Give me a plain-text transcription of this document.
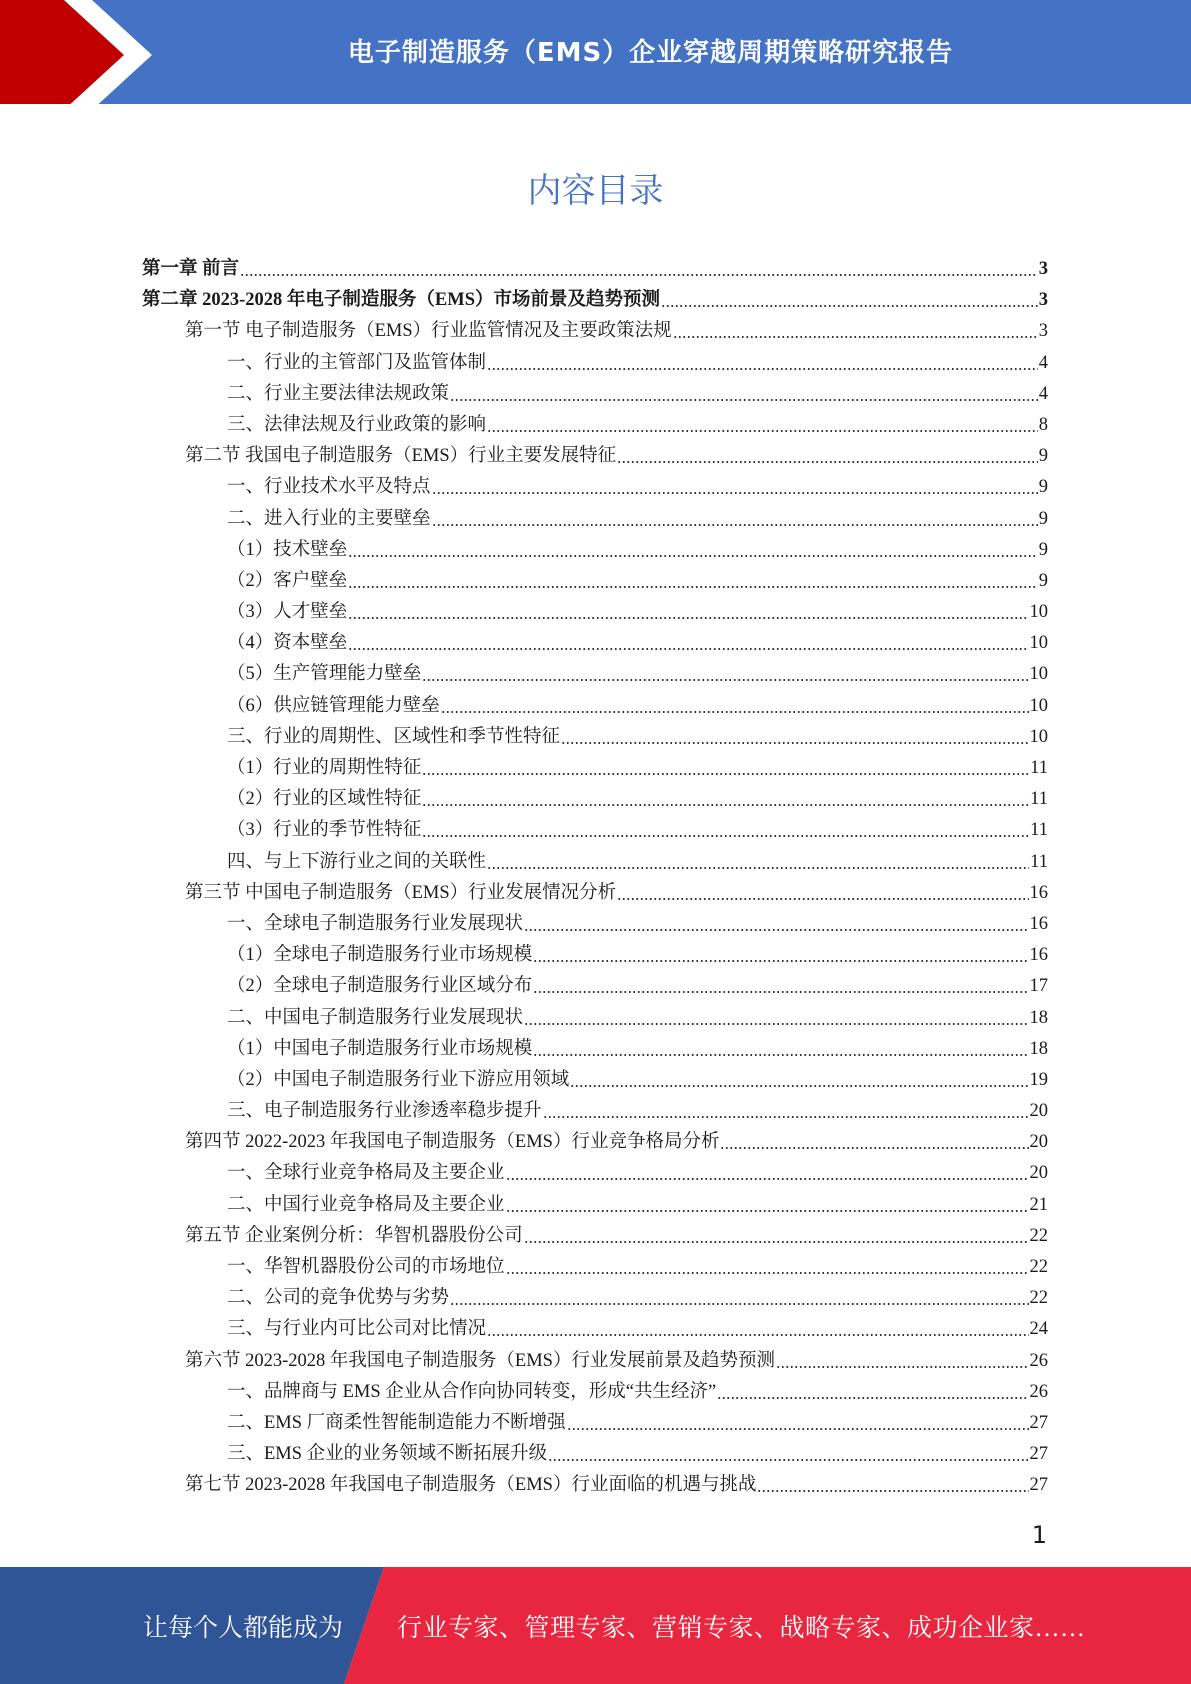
电子制造服务（EMS）企业穿越周期策略研究报告
内容目录
第一章 前言	3
第二章 2023-2028 年电子制造服务（EMS）市场前景及趋势预测	3
第一节 电子制造服务（EMS）行业监管情况及主要政策法规	3
一、行业的主管部门及监管体制	4
二、行业主要法律法规政策	4
三、法律法规及行业政策的影响	8
第二节 我国电子制造服务（EMS）行业主要发展特征	9
一、行业技术水平及特点	9
二、进入行业的主要壁垒	9
（1）技术壁垒	9
（2）客户壁垒	9
（3）人才壁垒	10
（4）资本壁垒	10
（5）生产管理能力壁垒	10
（6）供应链管理能力壁垒	10
三、行业的周期性、区域性和季节性特征	10
（1）行业的周期性特征	11
（2）行业的区域性特征	11
（3）行业的季节性特征	11
四、与上下游行业之间的关联性	11
第三节 中国电子制造服务（EMS）行业发展情况分析	16
一、全球电子制造服务行业发展现状	16
（1）全球电子制造服务行业市场规模	16
（2）全球电子制造服务行业区域分布	17
二、中国电子制造服务行业发展现状	18
（1）中国电子制造服务行业市场规模	18
（2）中国电子制造服务行业下游应用领域	19
三、电子制造服务行业渗透率稳步提升	20
第四节 2022-2023 年我国电子制造服务（EMS）行业竞争格局分析	20
一、全球行业竞争格局及主要企业	20
二、中国行业竞争格局及主要企业	21
第五节 企业案例分析：华智机器股份公司	22
一、华智机器股份公司的市场地位	22
二、公司的竞争优势与劣势	22
三、与行业内可比公司对比情况	24
第六节 2023-2028 年我国电子制造服务（EMS）行业发展前景及趋势预测	26
一、品牌商与 EMS 企业从合作向协同转变，形成“共生经济”	26
二、EMS 厂商柔性智能制造能力不断增强	27
三、EMS 企业的业务领域不断拓展升级	27
第七节 2023-2028 年我国电子制造服务（EMS）行业面临的机遇与挑战	27
1
让每个人都能成为 行业专家、管理专家、营销专家、战略专家、成功企业家……
